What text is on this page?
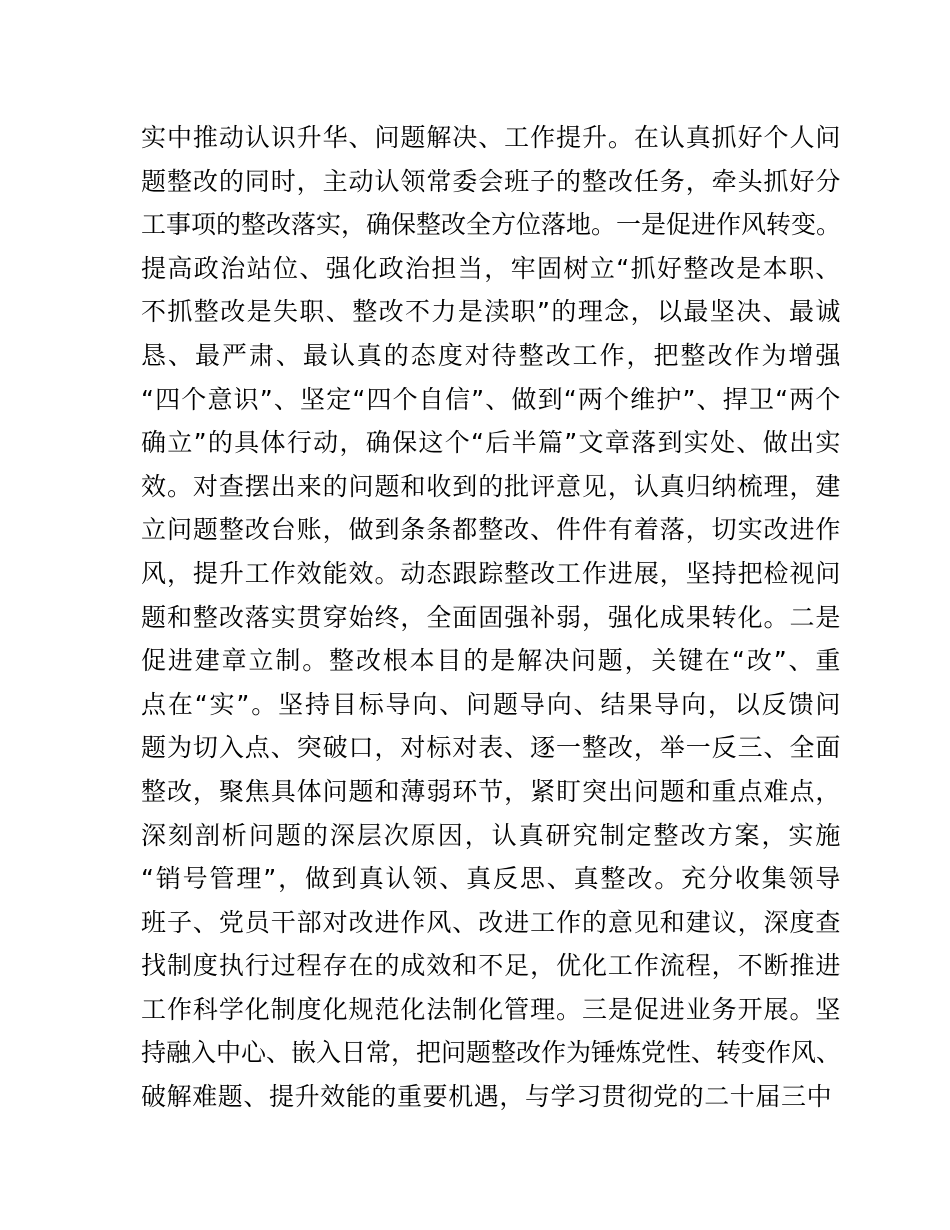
实中推动认识升华、问题解决、工作提升。在认真抓好个人问
题整改的同时，主动认领常委会班子的整改任务，牵头抓好分
工事项的整改落实，确保整改全方位落地。一是促进作风转变。
提高政治站位、强化政治担当，牢固树立“抓好整改是本职、
不抓整改是失职、整改不力是渎职”的理念，以最坚决、最诚
恳、最严肃、最认真的态度对待整改工作，把整改作为增强
“四个意识”、坚定“四个自信”、做到“两个维护”、捍卫“两个
确立”的具体行动，确保这个“后半篇”文章落到实处、做出实
效。对查摆出来的问题和收到的批评意见，认真归纳梳理，建
立问题整改台账，做到条条都整改、件件有着落，切实改进作
风，提升工作效能效。动态跟踪整改工作进展，坚持把检视问
题和整改落实贯穿始终，全面固强补弱，强化成果转化。二是
促进建章立制。整改根本目的是解决问题，关键在“改”、重
点在“实”。坚持目标导向、问题导向、结果导向，以反馈问
题为切入点、突破口，对标对表、逐一整改，举一反三、全面
整改，聚焦具体问题和薄弱环节，紧盯突出问题和重点难点，
深刻剖析问题的深层次原因，认真研究制定整改方案，实施
“销号管理”，做到真认领、真反思、真整改。充分收集领导
班子、党员干部对改进作风、改进工作的意见和建议，深度查
找制度执行过程存在的成效和不足，优化工作流程，不断推进
工作科学化制度化规范化法制化管理。三是促进业务开展。坚
持融入中心、嵌入日常，把问题整改作为锤炼党性、转变作风、
破解难题、提升效能的重要机遇，与学习贯彻党的二十届三中
